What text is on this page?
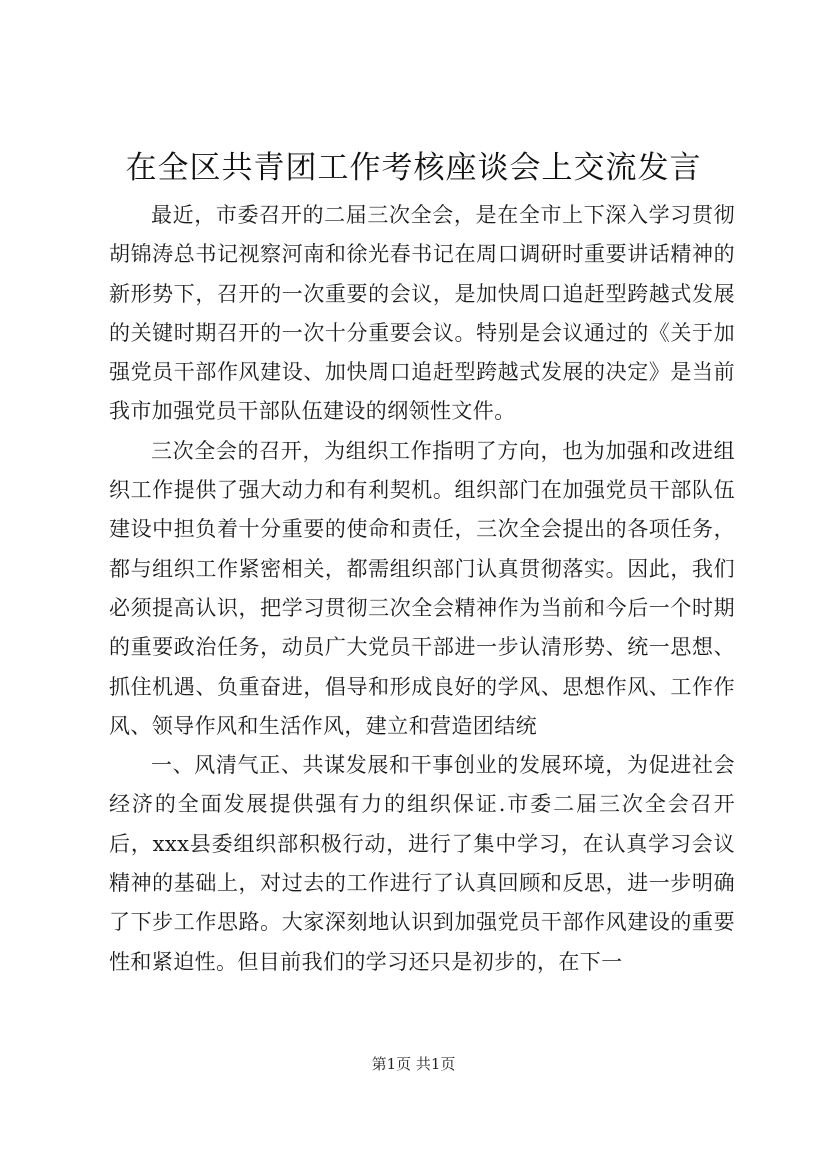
在全区共青团工作考核座谈会上交流发言

最近，市委召开的二届三次全会，是在全市上下深入学习贯彻胡锦涛总书记视察河南和徐光春书记在周口调研时重要讲话精神的新形势下，召开的一次重要的会议，是加快周口追赶型跨越式发展的关键时期召开的一次十分重要会议。特别是会议通过的《关于加强党员干部作风建设、加快周口追赶型跨越式发展的决定》是当前我市加强党员干部队伍建设的纲领性文件。

三次全会的召开，为组织工作指明了方向，也为加强和改进组织工作提供了强大动力和有利契机。组织部门在加强党员干部队伍建设中担负着十分重要的使命和责任，三次全会提出的各项任务，都与组织工作紧密相关，都需组织部门认真贯彻落实。因此，我们必须提高认识，把学习贯彻三次全会精神作为当前和今后一个时期的重要政治任务，动员广大党员干部进一步认清形势、统一思想、抓住机遇、负重奋进，倡导和形成良好的学风、思想作风、工作作风、领导作风和生活作风，建立和营造团结统

一、风清气正、共谋发展和干事创业的发展环境，为促进社会经济的全面发展提供强有力的组织保证.市委二届三次全会召开后，xxx县委组织部积极行动，进行了集中学习，在认真学习会议精神的基础上，对过去的工作进行了认真回顾和反思，进一步明确了下步工作思路。大家深刻地认识到加强党员干部作风建设的重要性和紧迫性。但目前我们的学习还只是初步的，在下一

第1页 共1页
